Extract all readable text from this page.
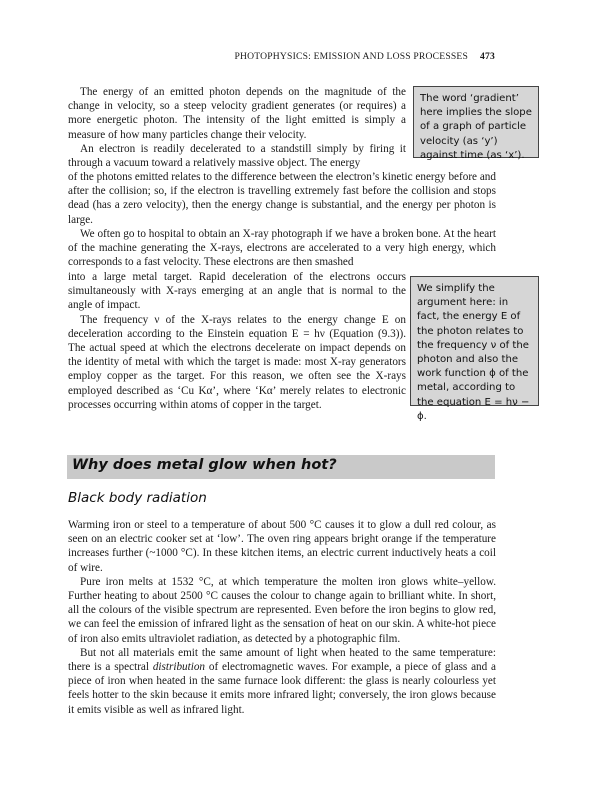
PHOTOPHYSICS: EMISSION AND LOSS PROCESSES 473

The energy of an emitted photon depends on the magnitude of the change in velocity, so a steep velocity gradient generates (or requires) a more energetic photon. The intensity of the light emitted is simply a measure of how many particles change their velocity.

An electron is readily decelerated to a standstill simply by firing it through a vacuum toward a relatively massive object. The energy

The word ‘gradient’ here implies the slope of a graph of particle velocity (as ‘y’) against time (as ‘x’).

of the photons emitted relates to the difference between the electron’s kinetic energy before and after the collision; so, if the electron is travelling extremely fast before the collision and stops dead (has a zero velocity), then the energy change is substantial, and the energy per photon is large.

We often go to hospital to obtain an X-ray photograph if we have a broken bone. At the heart of the machine generating the X-rays, electrons are accelerated to a very high energy, which corresponds to a fast velocity. These electrons are then smashed

into a large metal target. Rapid deceleration of the electrons occurs simultaneously with X-rays emerging at an angle that is normal to the angle of impact.

The frequency ν of the X-rays relates to the energy change E on deceleration according to the Einstein equation E = hν (Equation (9.3)). The actual speed at which the electrons decelerate on impact depends on the identity of metal with which the target is made: most X-ray generators employ copper as the target. For this reason, we often see the X-rays employed described as ‘Cu Kα’, where ‘Kα’ merely relates to electronic processes occurring within atoms of copper in the target.

We simplify the argument here: in fact, the energy E of the photon relates to the frequency ν of the photon and also the work function ϕ of the metal, according to the equation E = hν − ϕ.
Why does metal glow when hot?
Black body radiation

Warming iron or steel to a temperature of about 500 °C causes it to glow a dull red colour, as seen on an electric cooker set at ‘low’. The oven ring appears bright orange if the temperature increases further (~1000 °C). In these kitchen items, an electric current inductively heats a coil of wire.

Pure iron melts at 1532 °C, at which temperature the molten iron glows white–yellow. Further heating to about 2500 °C causes the colour to change again to brilliant white. In short, all the colours of the visible spectrum are represented. Even before the iron begins to glow red, we can feel the emission of infrared light as the sensation of heat on our skin. A white-hot piece of iron also emits ultraviolet radiation, as detected by a photographic film.

But not all materials emit the same amount of light when heated to the same temperature: there is a spectral distribution of electromagnetic waves. For example, a piece of glass and a piece of iron when heated in the same furnace look different: the glass is nearly colourless yet feels hotter to the skin because it emits more infrared light; conversely, the iron glows because it emits visible as well as infrared light.
